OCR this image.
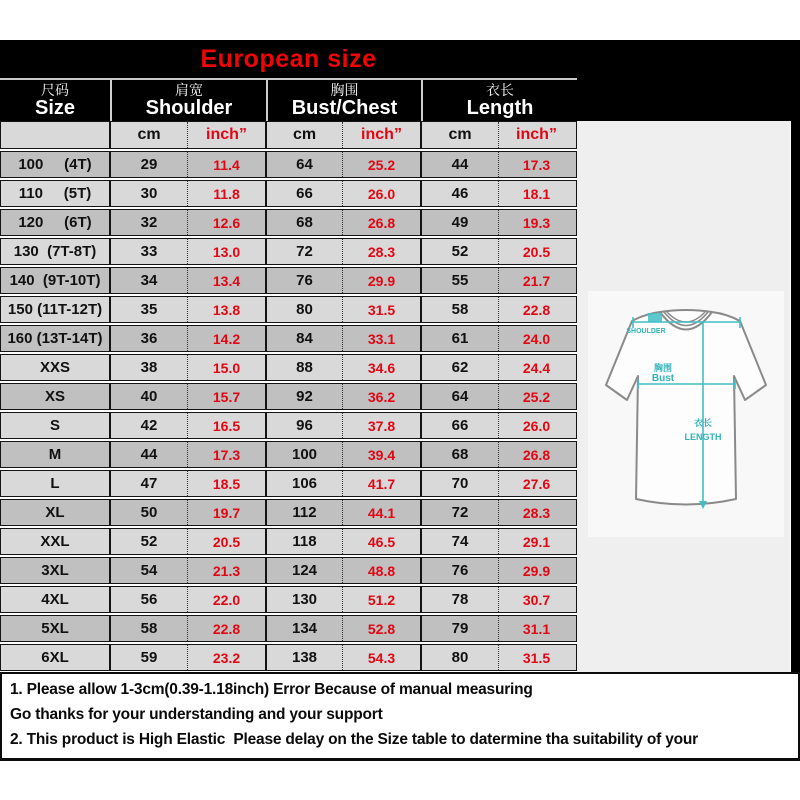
European size
尺码
Size
肩宽
Shoulder
胸围
Bust/Chest
衣长
Length
cm	inch”	cm	inch”	cm	inch”
100     (4T)	29	11.4	64	25.2	44	17.3
110     (5T)	30	11.8	66	26.0	46	18.1
120     (6T)	32	12.6	68	26.8	49	19.3
130  (7T-8T)	33	13.0	72	28.3	52	20.5
140  (9T-10T)	34	13.4	76	29.9	55	21.7
150 (11T-12T)	35	13.8	80	31.5	58	22.8
160 (13T-14T)	36	14.2	84	33.1	61	24.0
XXS	38	15.0	88	34.6	62	24.4
XS	40	15.7	92	36.2	64	25.2
S	42	16.5	96	37.8	66	26.0
M	44	17.3	100	39.4	68	26.8
L	47	18.5	106	41.7	70	27.6
XL	50	19.7	112	44.1	72	28.3
XXL	52	20.5	118	46.5	74	29.1
3XL	54	21.3	124	48.8	76	29.9
4XL	56	22.0	130	51.2	78	30.7
5XL	58	22.8	134	52.8	79	31.1
6XL	59	23.2	138	54.3	80	31.5
SHOULDER
胸围
Bust
衣长
LENGTH
1. Please allow 1-3cm(0.39-1.18inch) Error Because of manual measuring
Go thanks for your understanding and your support
2. This product is High Elastic  Please delay on the Size table to datermine tha suitability of your
